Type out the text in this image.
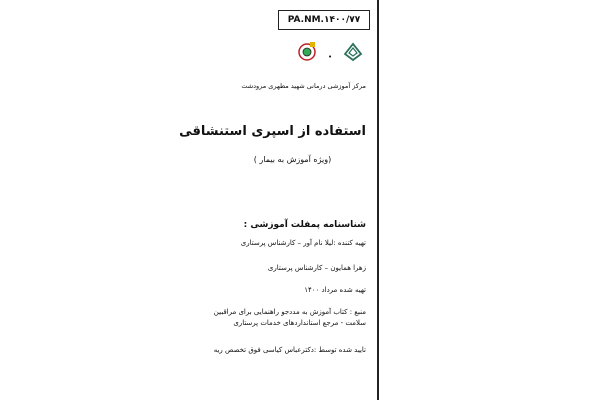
PA.NM.۱۴۰۰/۷۷
•
مرکز آموزشی درمانی شهید مطهری مرودشت
استفاده از اسپری استنشاقی
(ویژه آموزش به بیمار )
شناسنامه پمفلت آموزشی :
تهیه کننده :لیلا نام آور – کارشناس پرستاری
زهرا همایون – کارشناس پرستاری
تهیه شده مرداد ۱۴۰۰
منبع : کتاب آموزش به مددجو راهنمایی برای مراقبین
سلامت - مرجع استانداردهای خدمات پرستاری
تایید شده توسط :دکترعباس کیاسی فوق تخصص ریه
